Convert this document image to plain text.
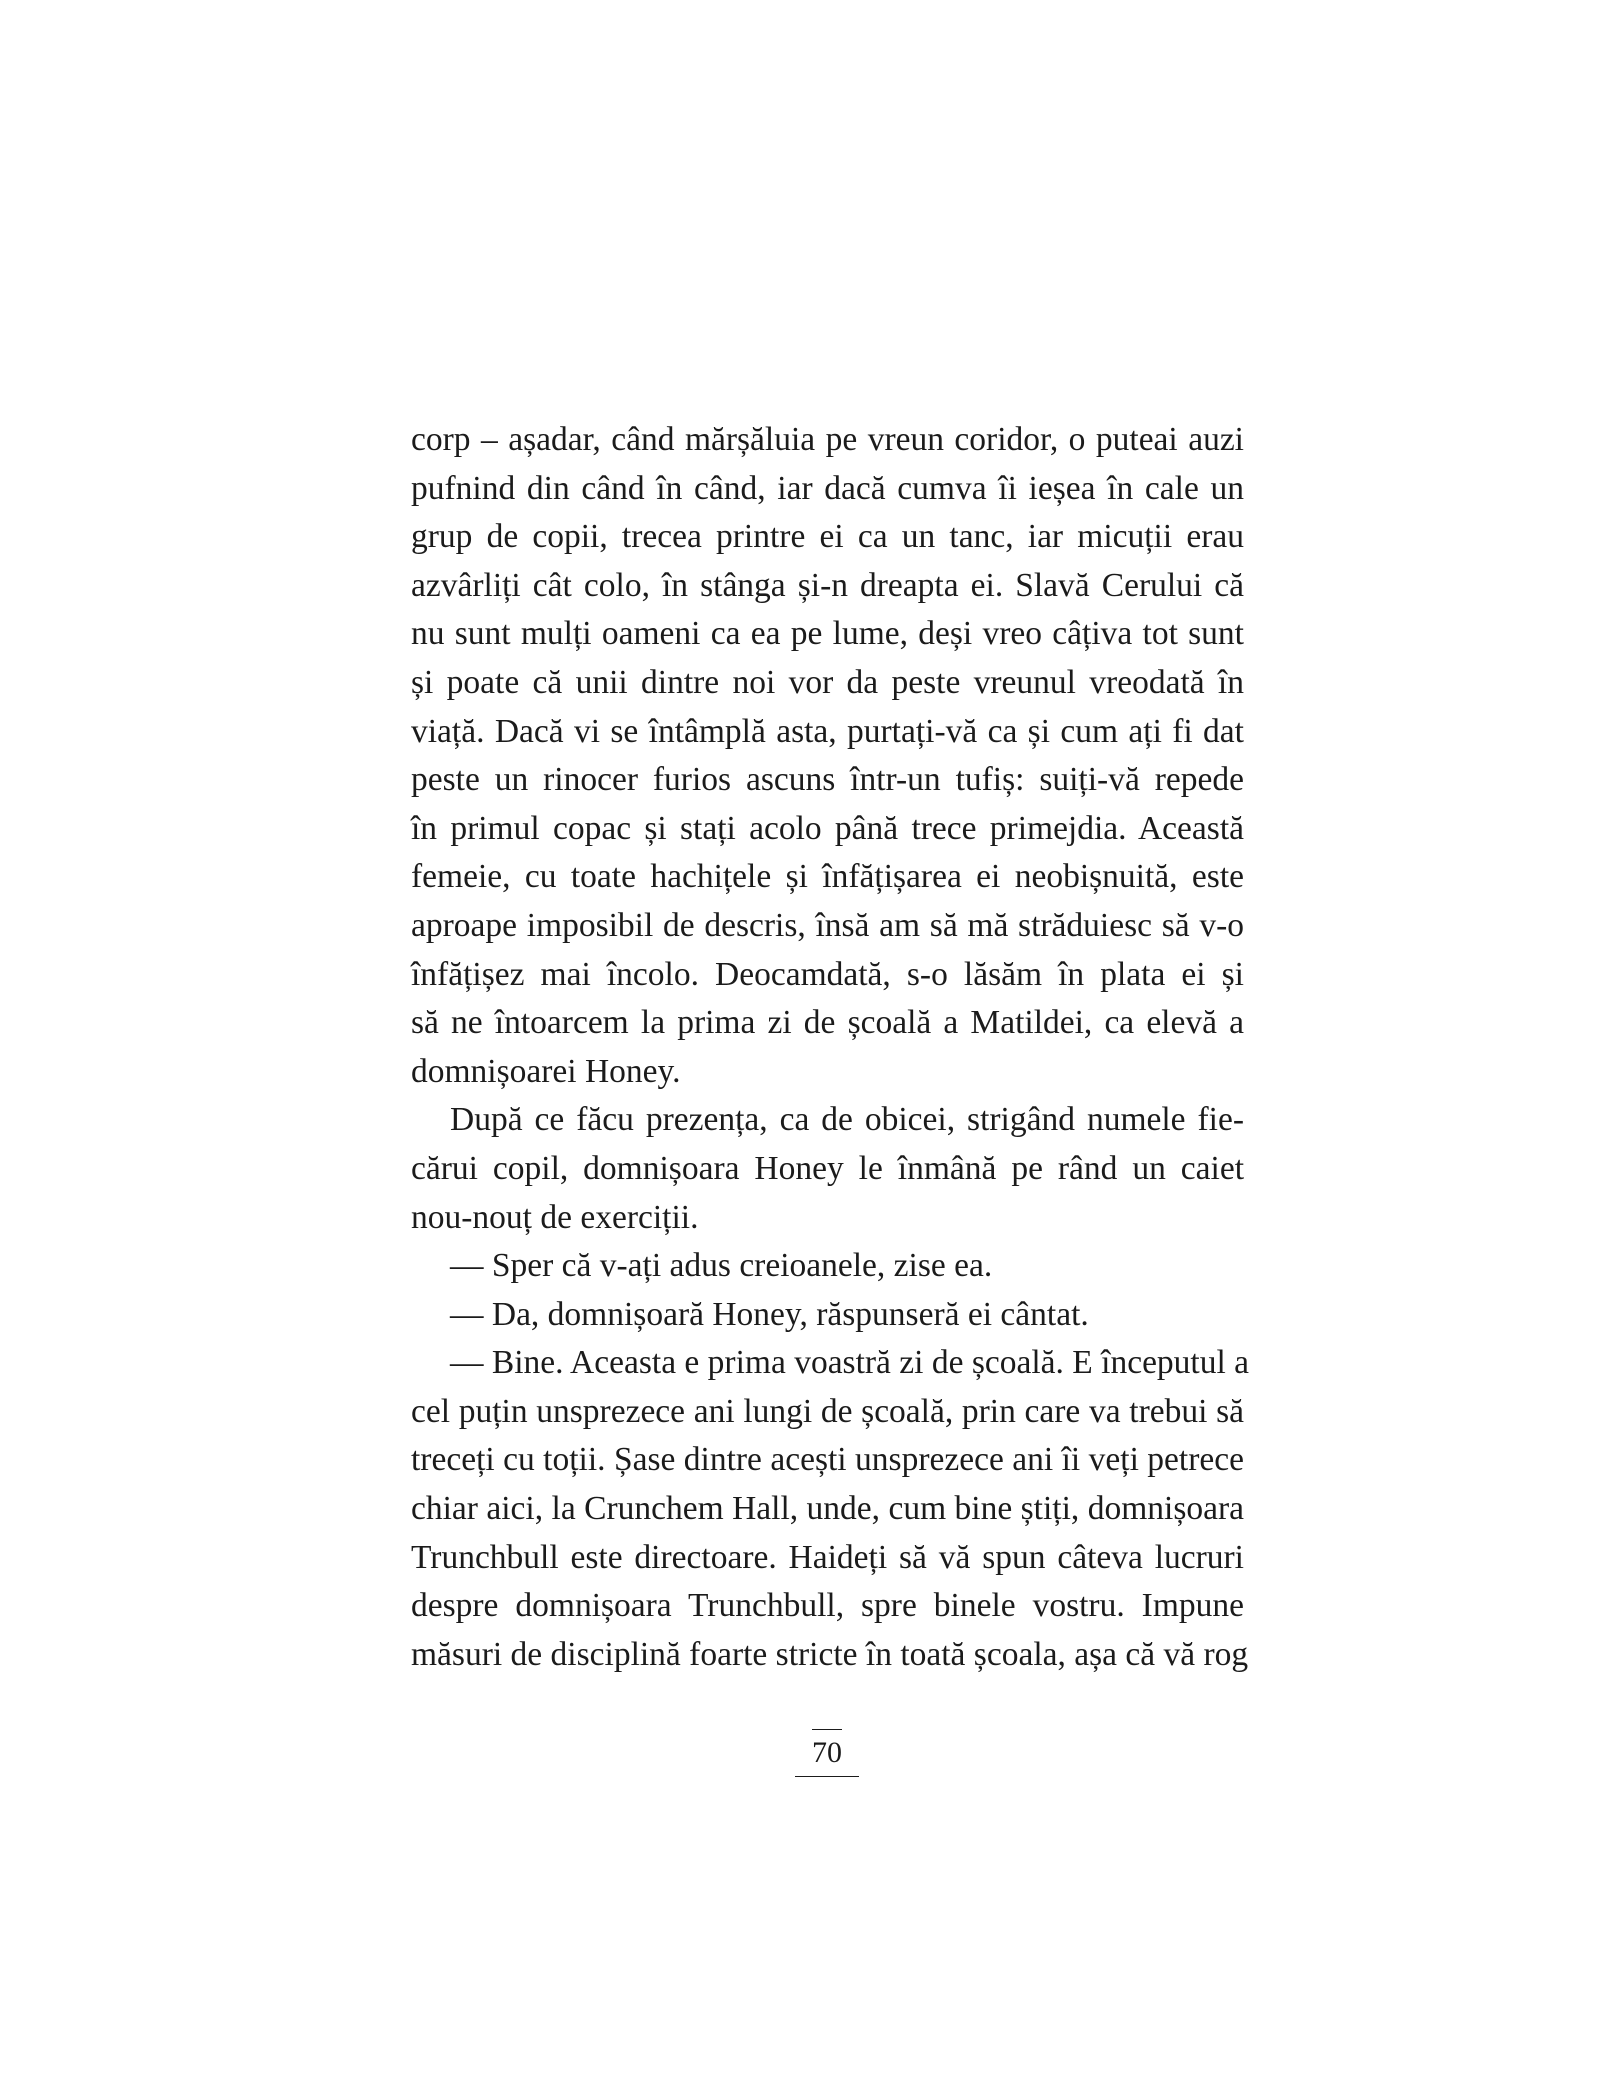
corp – așadar, când mărșăluia pe vreun coridor, o puteai auzi
pufnind din când în când, iar dacă cumva îi ieșea în cale un
grup de copii, trecea printre ei ca un tanc, iar micuții erau
azvârliți cât colo, în stânga și-n dreapta ei. Slavă Cerului că
nu sunt mulți oameni ca ea pe lume, deși vreo câțiva tot sunt
și poate că unii dintre noi vor da peste vreunul vreodată în
viață. Dacă vi se întâmplă asta, purtați-vă ca și cum ați fi dat
peste un rinocer furios ascuns într-un tufiș: suiți-vă repede
în primul copac și stați acolo până trece primejdia. Această
femeie, cu toate hachițele și înfățișarea ei neobișnuită, este
aproape imposibil de descris, însă am să mă străduiesc să v-o
înfățișez mai încolo. Deocamdată, s-o lăsăm în plata ei și
să ne întoarcem la prima zi de școală a Matildei, ca elevă a
domnișoarei Honey.
După ce făcu prezența, ca de obicei, strigând numele fie-
cărui copil, domnișoara Honey le înmână pe rând un caiet
nou-nouț de exerciții.
— Sper că v-ați adus creioanele, zise ea.
— Da, domnișoară Honey, răspunseră ei cântat.
— Bine. Aceasta e prima voastră zi de școală. E începutul a
cel puțin unsprezece ani lungi de școală, prin care va trebui să
treceți cu toții. Șase dintre acești unsprezece ani îi veți petrece
chiar aici, la Crunchem Hall, unde, cum bine știți, domnișoara
Trunchbull este directoare. Haideți să vă spun câteva lucruri
despre domnișoara Trunchbull, spre binele vostru. Impune
măsuri de disciplină foarte stricte în toată școala, așa că vă rog
70
